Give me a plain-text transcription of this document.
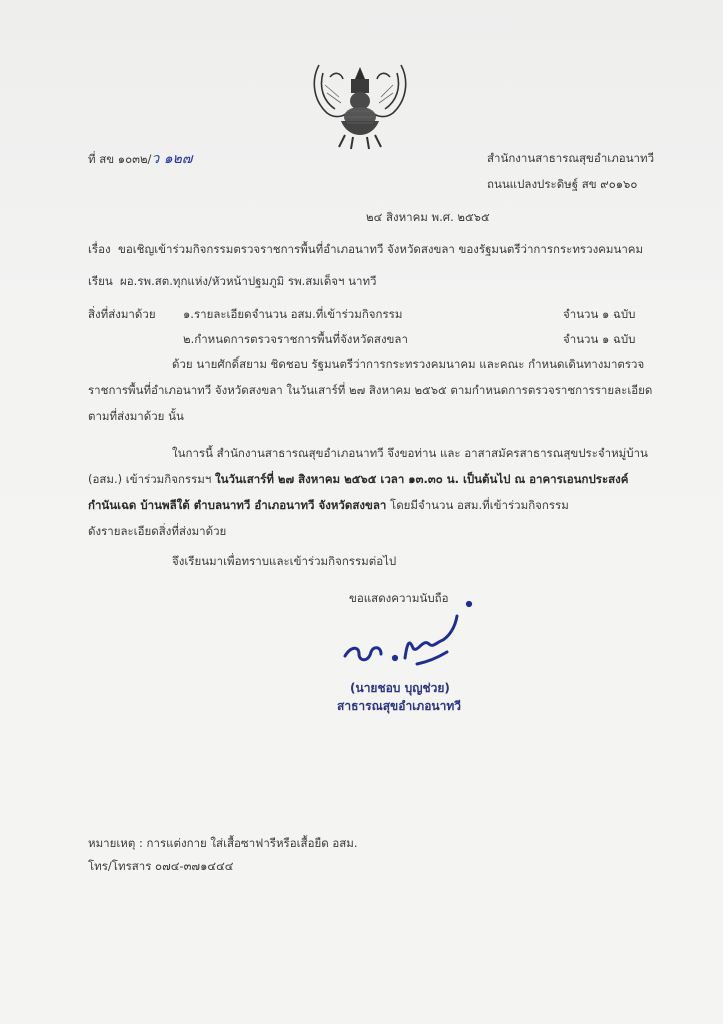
ที่ สข ๑๐๓๒/ว ๑๒๗	สำนักงานสาธารณสุขอำเภอนาทวี
ถนนแปลงประดิษฐ์ สข ๙๐๑๖๐
๒๔ สิงหาคม พ.ศ. ๒๕๖๕
เรื่อง ขอเชิญเข้าร่วมกิจกรรมตรวจราชการพื้นที่อำเภอนาทวี จังหวัดสงขลา ของรัฐมนตรีว่าการกระทรวงคมนาคม
เรียน ผอ.รพ.สต.ทุกแห่ง/หัวหน้าปฐมภูมิ รพ.สมเด็จฯ นาทวี
สิ่งที่ส่งมาด้วย ๑.รายละเอียดจำนวน อสม.ที่เข้าร่วมกิจกรรม	จำนวน ๑ ฉบับ
๒.กำหนดการตรวจราชการพื้นที่จังหวัดสงขลา	จำนวน ๑ ฉบับ
ด้วย นายศักดิ์สยาม ชิดชอบ รัฐมนตรีว่าการกระทรวงคมนาคม และคณะ กำหนดเดินทางมาตรวจ
ราชการพื้นที่อำเภอนาทวี จังหวัดสงขลา ในวันเสาร์ที่ ๒๗ สิงหาคม ๒๕๖๕ ตามกำหนดการตรวจราชการรายละเอียด
ตามที่ส่งมาด้วย นั้น
ในการนี้ สำนักงานสาธารณสุขอำเภอนาทวี จึงขอท่าน และ อาสาสมัครสาธารณสุขประจำหมู่บ้าน
(อสม.) เข้าร่วมกิจกรรมฯ ในวันเสาร์ที่ ๒๗ สิงหาคม ๒๕๖๕ เวลา ๑๓.๓๐ น. เป็นต้นไป ณ อาคารเอนกประสงค์
กำนันเฉด บ้านพลีใต้ ตำบลนาทวี อำเภอนาทวี จังหวัดสงขลา โดยมีจำนวน อสม.ที่เข้าร่วมกิจกรรม
ดังรายละเอียดสิ่งที่ส่งมาด้วย
จึงเรียนมาเพื่อทราบและเข้าร่วมกิจกรรมต่อไป
ขอแสดงความนับถือ
(นายชอบ บุญช่วย)
สาธารณสุขอำเภอนาทวี
หมายเหตุ : การแต่งกาย ใส่เสื้อซาฟารีหรือเสื้อยืด อสม.
โทร/โทรสาร ๐๗๔-๓๗๑๔๔๔
